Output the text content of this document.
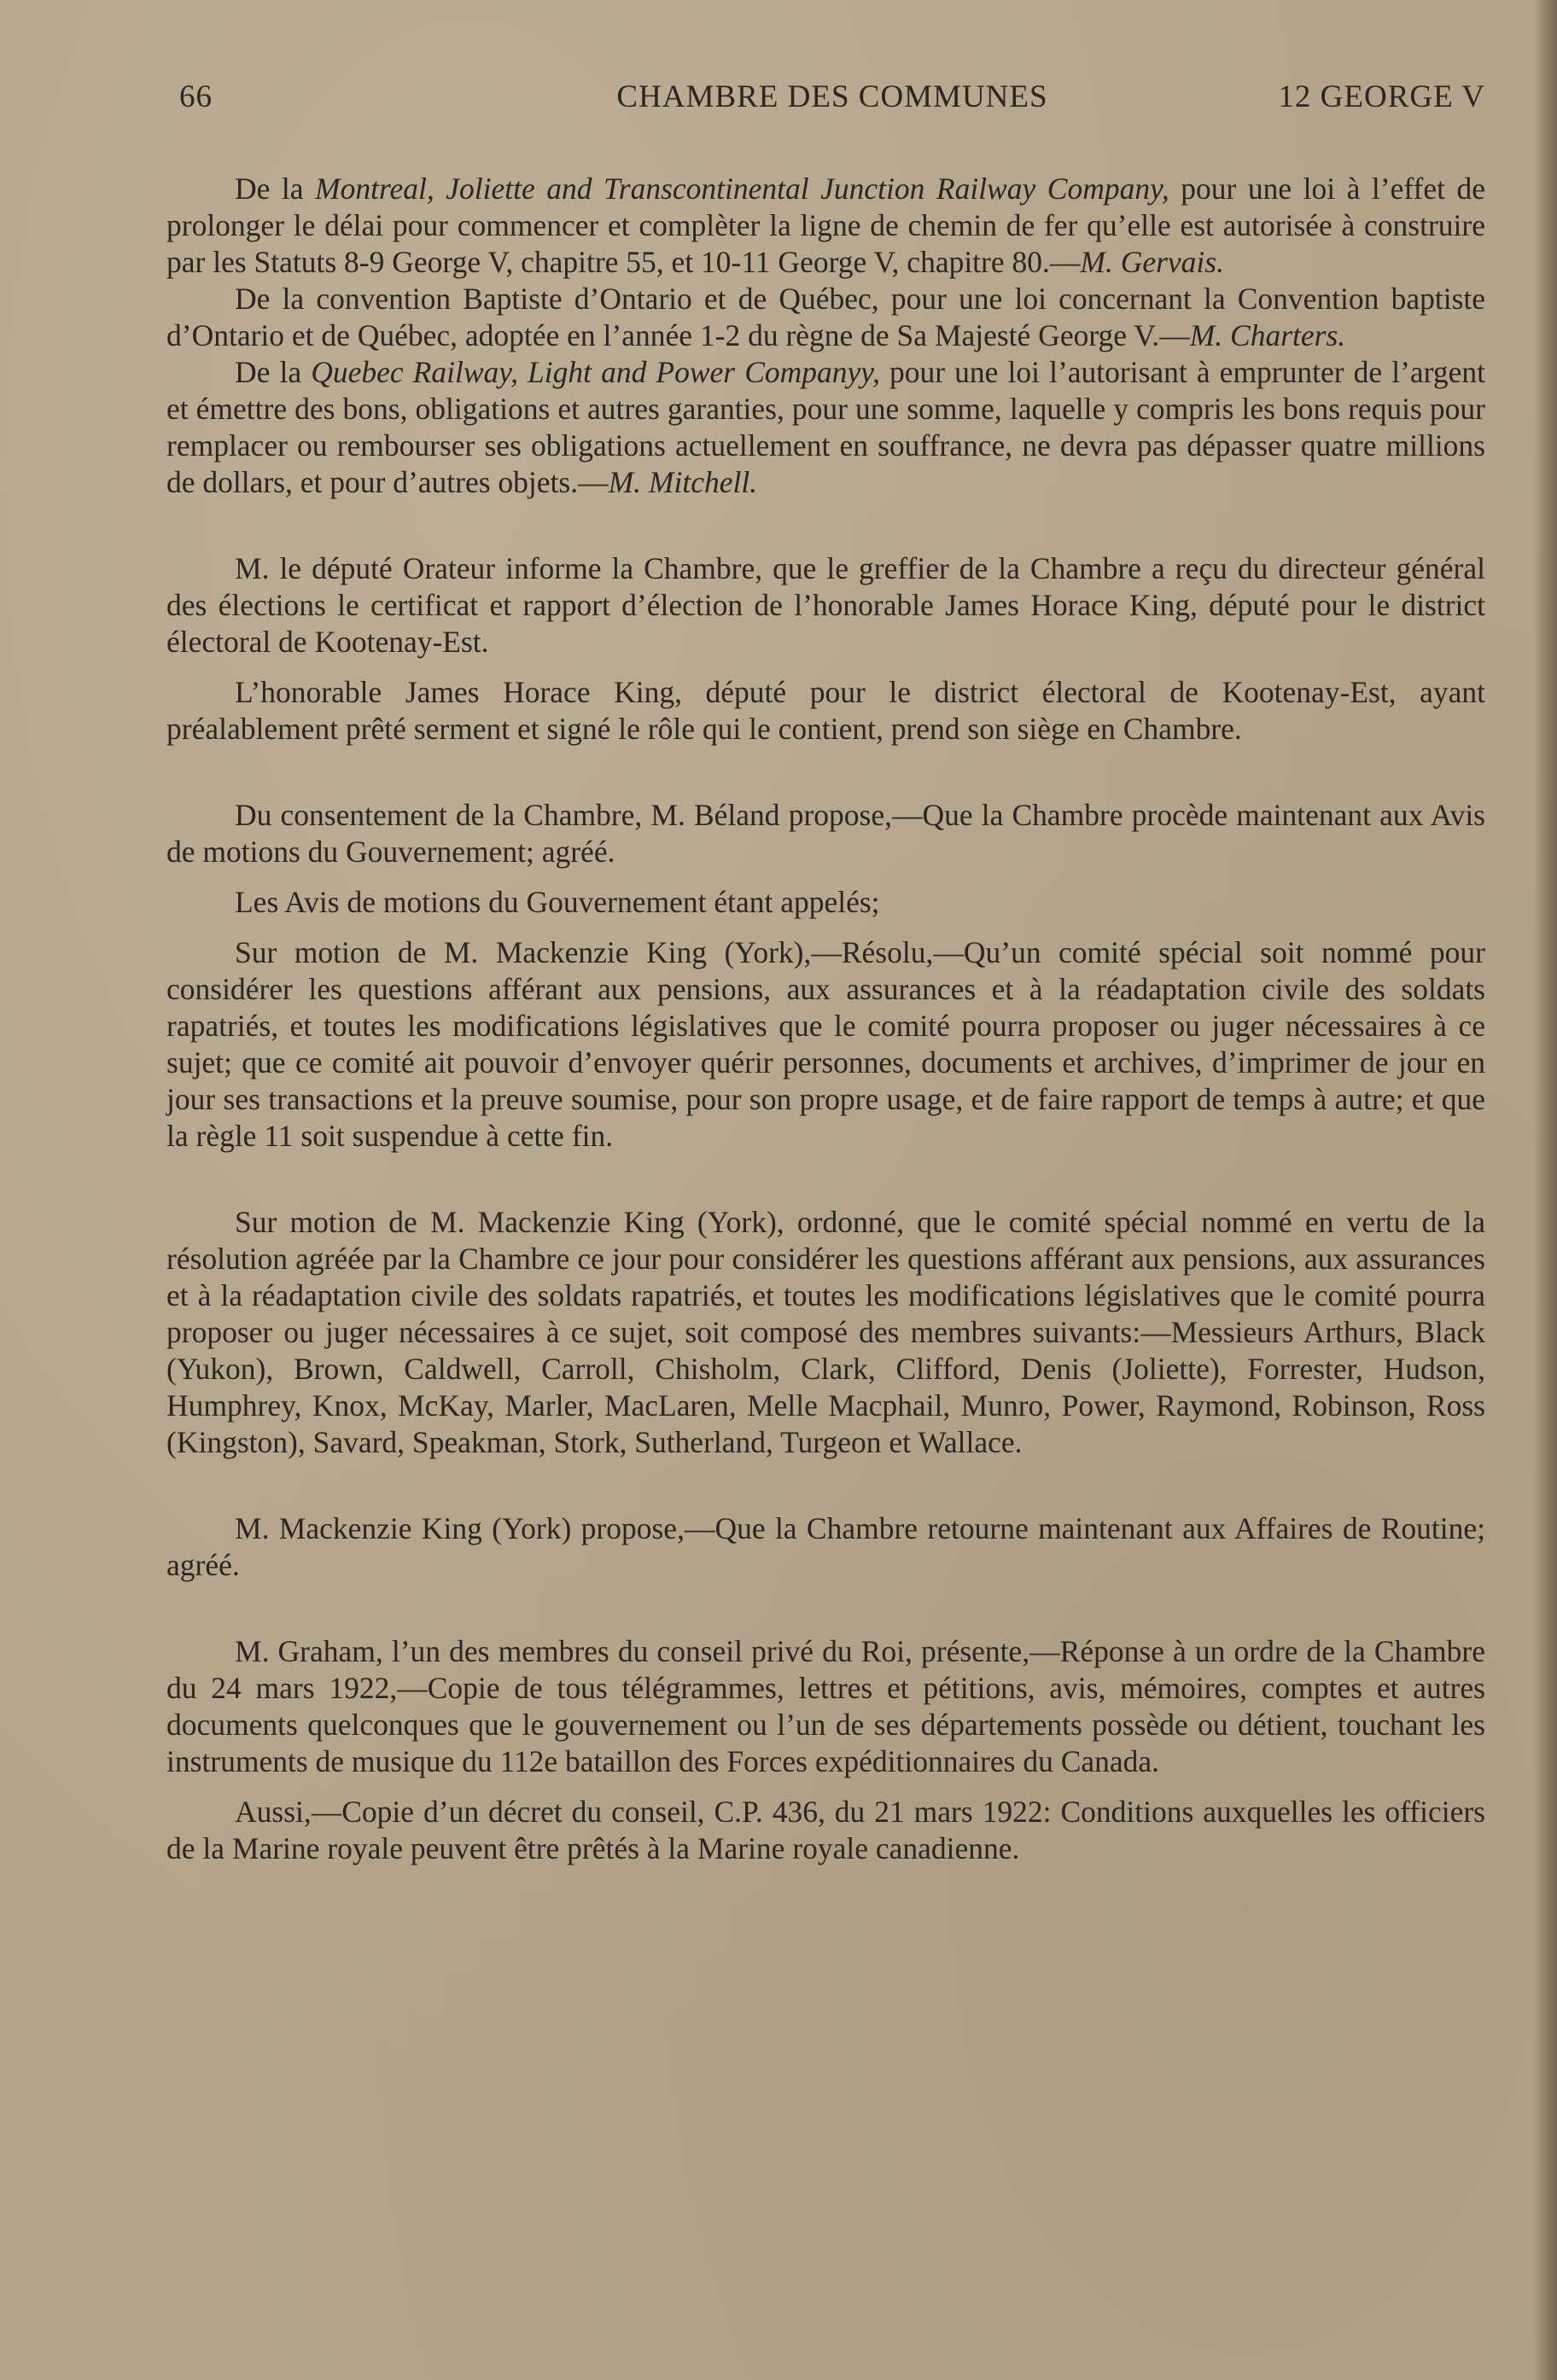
66	CHAMBRE DES COMMUNES	12 GEORGE V

De la Montreal, Joliette and Transcontinental Junction Railway Company, pour une loi à l’effet de prolonger le délai pour commencer et complèter la ligne de chemin de fer qu’elle est autorisée à construire par les Statuts 8-9 George V, chapitre 55, et 10-11 George V, chapitre 80.—M. Gervais.

De la convention Baptiste d’Ontario et de Québec, pour une loi concernant la Convention baptiste d’Ontario et de Québec, adoptée en l’année 1-2 du règne de Sa Majesté George V.—M. Charters.

De la Quebec Railway, Light and Power Companyy, pour une loi l’autorisant à emprunter de l’argent et émettre des bons, obligations et autres garanties, pour une somme, laquelle y compris les bons requis pour remplacer ou rembourser ses obligations actuellement en souffrance, ne devra pas dépasser quatre millions de dollars, et pour d’autres objets.—M. Mitchell.

M. le député Orateur informe la Chambre, que le greffier de la Chambre a reçu du directeur général des élections le certificat et rapport d’élection de l’honorable James Horace King, député pour le district électoral de Kootenay-Est.

L’honorable James Horace King, député pour le district électoral de Kootenay-Est, ayant préalablement prêté serment et signé le rôle qui le contient, prend son siège en Chambre.

Du consentement de la Chambre, M. Béland propose,—Que la Chambre procède maintenant aux Avis de motions du Gouvernement; agréé.

Les Avis de motions du Gouvernement étant appelés;

Sur motion de M. Mackenzie King (York),—Résolu,—Qu’un comité spécial soit nommé pour considérer les questions afférant aux pensions, aux assurances et à la réadaptation civile des soldats rapatriés, et toutes les modifications législatives que le comité pourra proposer ou juger nécessaires à ce sujet; que ce comité ait pouvoir d’envoyer quérir personnes, documents et archives, d’imprimer de jour en jour ses transactions et la preuve soumise, pour son propre usage, et de faire rapport de temps à autre; et que la règle 11 soit suspendue à cette fin.

Sur motion de M. Mackenzie King (York), ordonné, que le comité spécial nommé en vertu de la résolution agréée par la Chambre ce jour pour considérer les questions afférant aux pensions, aux assurances et à la réadaptation civile des soldats rapatriés, et toutes les modifications législatives que le comité pourra proposer ou juger nécessaires à ce sujet, soit composé des membres suivants:—Messieurs Arthurs, Black (Yukon), Brown, Caldwell, Carroll, Chisholm, Clark, Clifford, Denis (Joliette), Forrester, Hudson, Humphrey, Knox, McKay, Marler, MacLaren, Melle Macphail, Munro, Power, Raymond, Robinson, Ross (Kingston), Savard, Speakman, Stork, Sutherland, Turgeon et Wallace.

M. Mackenzie King (York) propose,—Que la Chambre retourne maintenant aux Affaires de Routine; agréé.

M. Graham, l’un des membres du conseil privé du Roi, présente,—Réponse à un ordre de la Chambre du 24 mars 1922,—Copie de tous télégrammes, lettres et pétitions, avis, mémoires, comptes et autres documents quelconques que le gouvernement ou l’un de ses départements possède ou détient, touchant les instruments de musique du 112e bataillon des Forces expéditionnaires du Canada.

Aussi,—Copie d’un décret du conseil, C.P. 436, du 21 mars 1922: Conditions auxquelles les officiers de la Marine royale peuvent être prêtés à la Marine royale canadienne.
